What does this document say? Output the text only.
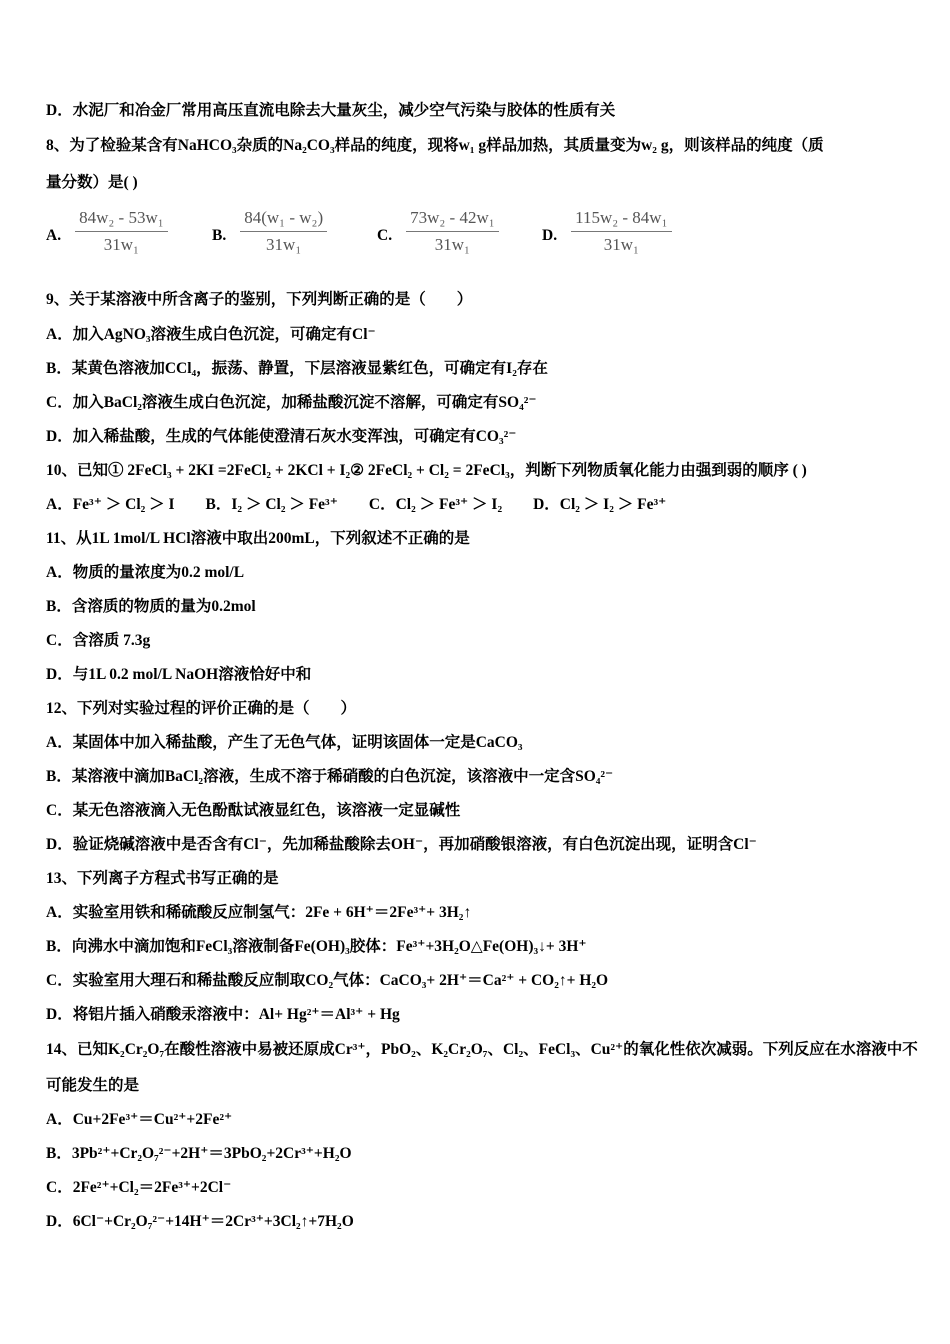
D．水泥厂和冶金厂常用高压直流电除去大量灰尘，减少空气污染与胶体的性质有关
8、为了检验某含有NaHCO₃杂质的Na₂CO₃样品的纯度，现将w₁ g样品加热，其质量变为w₂ g，则该样品的纯度（质
量分数）是( )
A. $\frac{\text{84w₂ - 53w₁}}{\text{31w₁}}$	B. $\frac{\text{84(w₁ - w₂)}}{\text{31w₁}}$	C. $\frac{\text{73w₂ - 42w₁}}{\text{31w₁}}$	D. $\frac{\text{115w₂ - 84w₁}}{\text{31w₁}}$
9、关于某溶液中所含离子的鉴别，下列判断正确的是（　　）
A．加入AgNO₃溶液生成白色沉淀，可确定有Cl⁻
B．某黄色溶液加CCl₄，振荡、静置，下层溶液显紫红色，可确定有I₂存在
C．加入BaCl₂溶液生成白色沉淀，加稀盐酸沉淀不溶解，可确定有SO₄²⁻
D．加入稀盐酸，生成的气体能使澄清石灰水变浑浊，可确定有CO₃²⁻
10、已知① 2FeCl₃ + 2KI =2FeCl₂ + 2KCl + I₂② 2FeCl₂ + Cl₂ = 2FeCl₃，判断下列物质氧化能力由强到弱的顺序 ( )
A．Fe³⁺ ＞ Cl₂ ＞ I　　B．I₂ ＞ Cl₂ ＞ Fe³⁺　　C．Cl₂ ＞ Fe³⁺ ＞ I₂　　D．Cl₂ ＞ I₂ ＞ Fe³⁺
11、从1L 1mol/L HCl溶液中取出200mL，下列叙述不正确的是
A．物质的量浓度为0.2 mol/L
B．含溶质的物质的量为0.2mol
C．含溶质 7.3g
D．与1L 0.2 mol/L NaOH溶液恰好中和
12、下列对实验过程的评价正确的是（　　）
A．某固体中加入稀盐酸，产生了无色气体，证明该固体一定是CaCO₃
B．某溶液中滴加BaCl₂溶液，生成不溶于稀硝酸的白色沉淀，该溶液中一定含SO₄²⁻
C．某无色溶液滴入无色酚酞试液显红色，该溶液一定显碱性
D．验证烧碱溶液中是否含有Cl⁻，先加稀盐酸除去OH⁻，再加硝酸银溶液，有白色沉淀出现，证明含Cl⁻
13、下列离子方程式书写正确的是
A．实验室用铁和稀硫酸反应制氢气：2Fe + 6H⁺＝2Fe³⁺+ 3H₂↑
B．向沸水中滴加饱和FeCl₃溶液制备Fe(OH)₃胶体：Fe³⁺+3H₂O△Fe(OH)₃↓+ 3H⁺
C．实验室用大理石和稀盐酸反应制取CO₂气体：CaCO₃+ 2H⁺＝Ca²⁺ + CO₂↑+ H₂O
D．将铝片插入硝酸汞溶液中：Al+ Hg²⁺＝Al³⁺ + Hg
14、已知K₂Cr₂O₇在酸性溶液中易被还原成Cr³⁺，PbO₂、K₂Cr₂O₇、Cl₂、FeCl₃、Cu²⁺的氧化性依次减弱。下列反应在水溶液中不
可能发生的是
A．Cu+2Fe³⁺＝Cu²⁺+2Fe²⁺
B．3Pb²⁺+Cr₂O₇²⁻+2H⁺＝3PbO₂+2Cr³⁺+H₂O
C．2Fe²⁺+Cl₂＝2Fe³⁺+2Cl⁻
D．6Cl⁻+Cr₂O₇²⁻+14H⁺＝2Cr³⁺+3Cl₂↑+7H₂O
